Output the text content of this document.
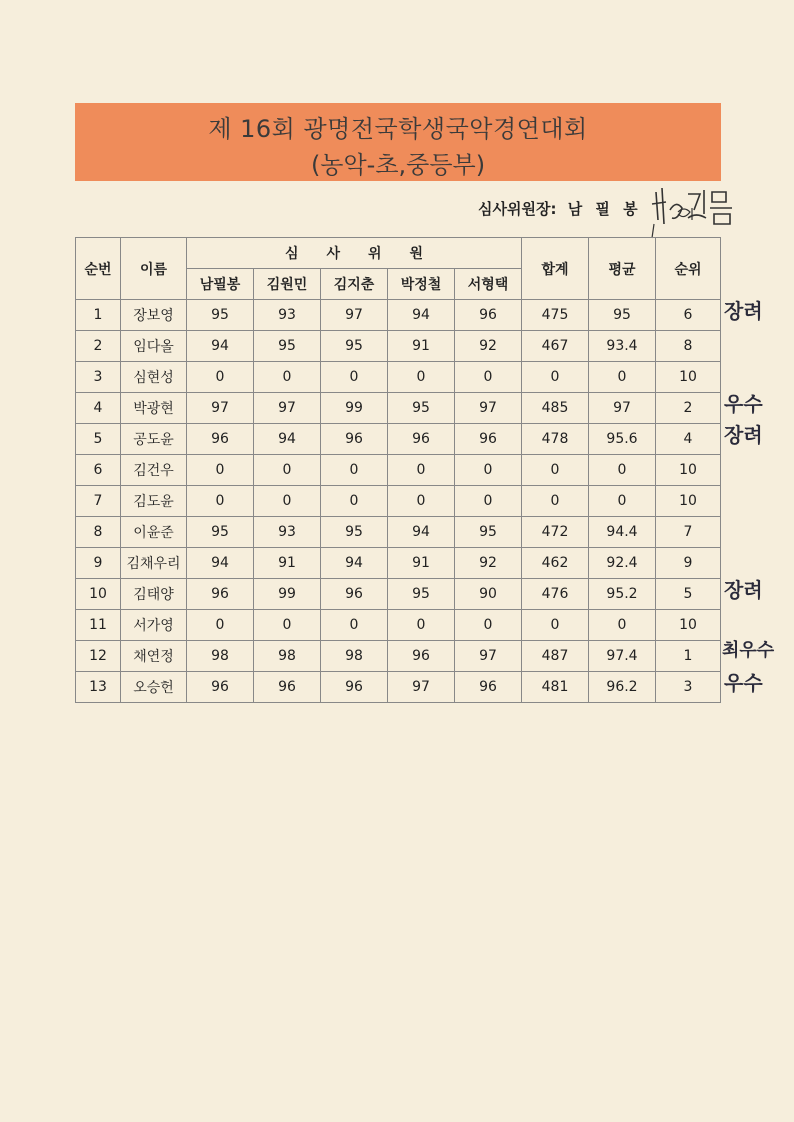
제 16회 광명전국학생국악경연대회
(농악-초,중등부)
심사위원장: 남 필 봉
순번	이름	심 사 위 원					합계	평균	순위
		남필봉	김원민	김지춘	박정철	서형택			
1	장보영	95	93	97	94	96	475	95	6
2	임다올	94	95	95	91	92	467	93.4	8
3	심현성	0	0	0	0	0	0	0	10
4	박광현	97	97	99	95	97	485	97	2
5	공도윤	96	94	96	96	96	478	95.6	4
6	김건우	0	0	0	0	0	0	0	10
7	김도윤	0	0	0	0	0	0	0	10
8	이윤준	95	93	95	94	95	472	94.4	7
9	김채우리	94	91	94	91	92	462	92.4	9
10	김태양	96	99	96	95	90	476	95.2	5
11	서가영	0	0	0	0	0	0	0	10
12	채연정	98	98	98	96	97	487	97.4	1
13	오승헌	96	96	96	97	96	481	96.2	3
장려
우수
장려
장려
최우수
우수
